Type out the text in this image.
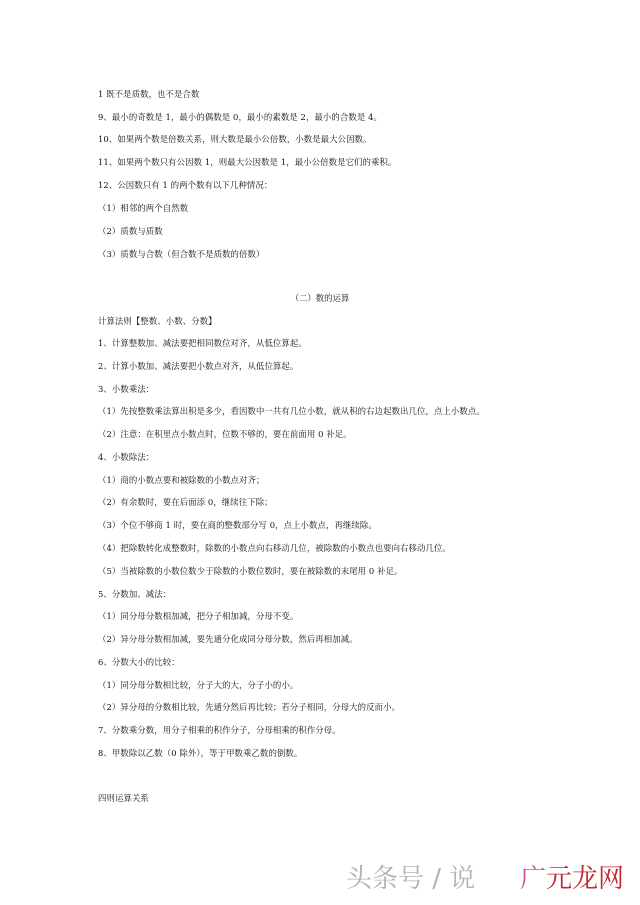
1 既不是质数，也不是合数
9、最小的奇数是 1，最小的偶数是 0，最小的素数是 2，最小的合数是 4。
10、如果两个数是倍数关系，则大数是最小公倍数，小数是最大公因数。
11、如果两个数只有公因数 1，则最大公因数是 1，最小公倍数是它们的乘积。
12、公因数只有 1 的两个数有以下几种情况：
（1）相邻的两个自然数
（2）质数与质数
（3）质数与合数（但合数不是质数的倍数）
（二）数的运算
计算法则【整数、小数、分数】
1、计算整数加、减法要把相同数位对齐，从低位算起。
2、计算小数加、减法要把小数点对齐，从低位算起。
3、小数乘法：
（1）先按整数乘法算出积是多少，看因数中一共有几位小数，就从积的右边起数出几位，点上小数点。
（2）注意：在积里点小数点时，位数不够的，要在前面用 0 补足。
4、小数除法：
（1）商的小数点要和被除数的小数点对齐；
（2）有余数时，要在后面添 0，继续往下除；
（3）个位不够商 1 时，要在商的整数部分写 0，点上小数点，再继续除。
（4）把除数转化成整数时，除数的小数点向右移动几位，被除数的小数点也要向右移动几位。
（5）当被除数的小数位数少于除数的小数位数时，要在被除数的末尾用 0 补足。
5、分数加、减法：
（1）同分母分数相加减，把分子相加减，分母不变。
（2）异分母分数相加减，要先通分化成同分母分数，然后再相加减。
6、分数大小的比较：
（1）同分母分数相比较，分子大的大，分子小的小。
（2）异分母的分数相比较，先通分然后再比较；若分子相同，分母大的反而小。
7、分数乘分数，用分子相乘的积作分子，分母相乘的积作分母。
8、甲数除以乙数（0 除外），等于甲数乘乙数的倒数。
四则运算关系
头条号 / 说 广元龙网
